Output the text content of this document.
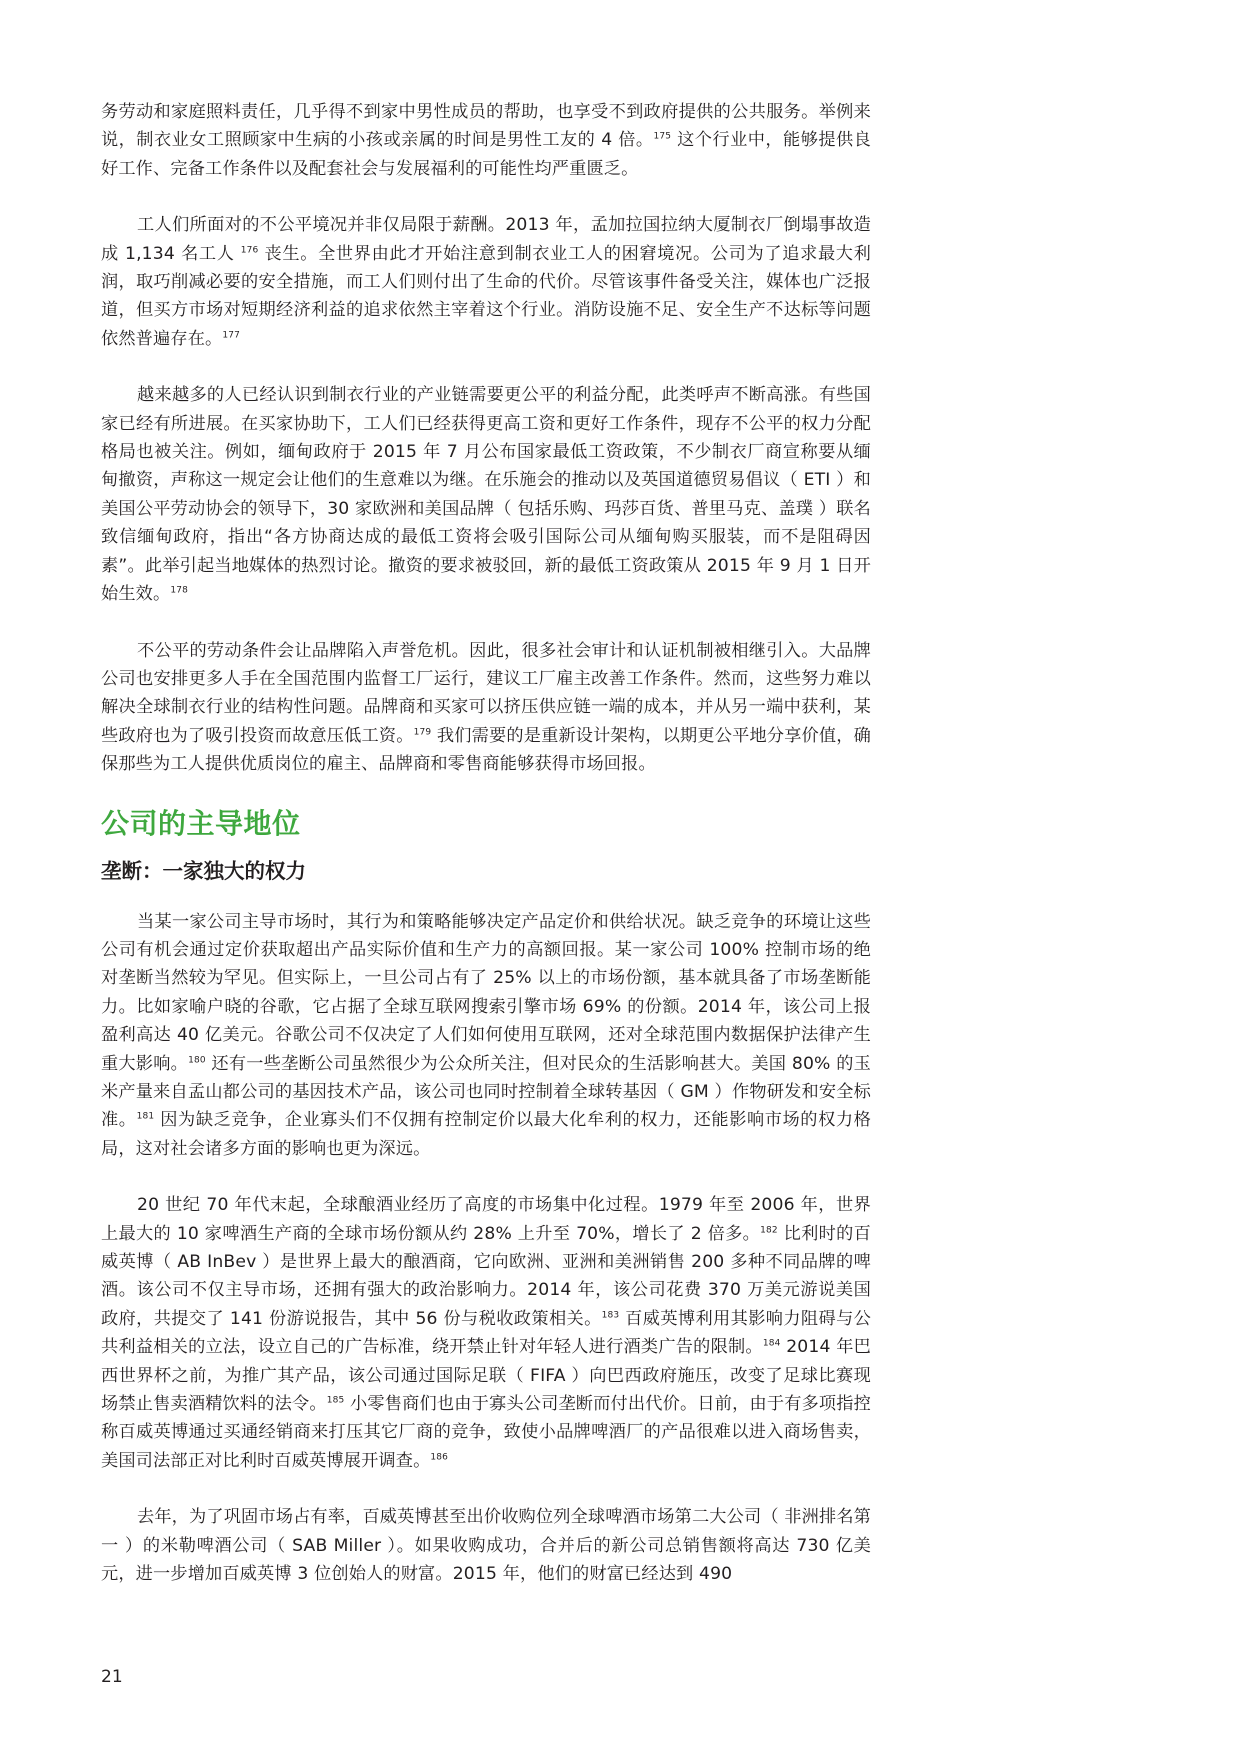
务劳动和家庭照料责任，几乎得不到家中男性成员的帮助，也享受不到政府提供的公共服务。举例来说，制衣业女工照顾家中生病的小孩或亲属的时间是男性工友的 4 倍。$^{175}$ 这个行业中，能够提供良好工作、完备工作条件以及配套社会与发展福利的可能性均严重匮乏。

工人们所面对的不公平境况并非仅局限于薪酬。2013 年，孟加拉国拉纳大厦制衣厂倒塌事故造成 1,134 名工人 $^{176}$ 丧生。全世界由此才开始注意到制衣业工人的困窘境况。公司为了追求最大利润，取巧削减必要的安全措施，而工人们则付出了生命的代价。尽管该事件备受关注，媒体也广泛报道，但买方市场对短期经济利益的追求依然主宰着这个行业。消防设施不足、安全生产不达标等问题依然普遍存在。$^{177}$

越来越多的人已经认识到制衣行业的产业链需要更公平的利益分配，此类呼声不断高涨。有些国家已经有所进展。在买家协助下，工人们已经获得更高工资和更好工作条件，现存不公平的权力分配格局也被关注。例如，缅甸政府于 2015 年 7 月公布国家最低工资政策，不少制衣厂商宣称要从缅甸撤资，声称这一规定会让他们的生意难以为继。在乐施会的推动以及英国道德贸易倡议（ ETI ）和美国公平劳动协会的领导下，30 家欧洲和美国品牌（ 包括乐购、玛莎百货、普里马克、盖璞 ）联名致信缅甸政府，指出“各方协商达成的最低工资将会吸引国际公司从缅甸购买服装，而不是阻碍因素”。此举引起当地媒体的热烈讨论。撤资的要求被驳回，新的最低工资政策从 2015 年 9 月 1 日开始生效。$^{178}$

不公平的劳动条件会让品牌陷入声誉危机。因此，很多社会审计和认证机制被相继引入。大品牌公司也安排更多人手在全国范围内监督工厂运行，建议工厂雇主改善工作条件。然而，这些努力难以解决全球制衣行业的结构性问题。品牌商和买家可以挤压供应链一端的成本，并从另一端中获利，某些政府也为了吸引投资而故意压低工资。$^{179}$ 我们需要的是重新设计架构，以期更公平地分享价值，确保那些为工人提供优质岗位的雇主、品牌商和零售商能够获得市场回报。

公司的主导地位
垄断：一家独大的权力

当某一家公司主导市场时，其行为和策略能够决定产品定价和供给状况。缺乏竞争的环境让这些公司有机会通过定价获取超出产品实际价值和生产力的高额回报。某一家公司 100% 控制市场的绝对垄断当然较为罕见。但实际上，一旦公司占有了 25% 以上的市场份额，基本就具备了市场垄断能力。比如家喻户晓的谷歌，它占据了全球互联网搜索引擎市场 69% 的份额。2014 年，该公司上报盈利高达 40 亿美元。谷歌公司不仅决定了人们如何使用互联网，还对全球范围内数据保护法律产生重大影响。$^{180}$ 还有一些垄断公司虽然很少为公众所关注，但对民众的生活影响甚大。美国 80% 的玉米产量来自孟山都公司的基因技术产品，该公司也同时控制着全球转基因（ GM ）作物研发和安全标准。$^{181}$ 因为缺乏竞争，企业寡头们不仅拥有控制定价以最大化牟利的权力，还能影响市场的权力格局，这对社会诸多方面的影响也更为深远。

20 世纪 70 年代末起，全球酿酒业经历了高度的市场集中化过程。1979 年至 2006 年，世界上最大的 10 家啤酒生产商的全球市场份额从约 28% 上升至 70%，增长了 2 倍多。$^{182}$ 比利时的百威英博（ AB InBev ）是世界上最大的酿酒商，它向欧洲、亚洲和美洲销售 200 多种不同品牌的啤酒。该公司不仅主导市场，还拥有强大的政治影响力。2014 年，该公司花费 370 万美元游说美国政府，共提交了 141 份游说报告，其中 56 份与税收政策相关。$^{183}$ 百威英博利用其影响力阻碍与公共利益相关的立法，设立自己的广告标准，绕开禁止针对年轻人进行酒类广告的限制。$^{184}$ 2014 年巴西世界杯之前，为推广其产品，该公司通过国际足联（ FIFA ）向巴西政府施压，改变了足球比赛现场禁止售卖酒精饮料的法令。$^{185}$ 小零售商们也由于寡头公司垄断而付出代价。日前，由于有多项指控称百威英博通过买通经销商来打压其它厂商的竞争，致使小品牌啤酒厂的产品很难以进入商场售卖，美国司法部正对比利时百威英博展开调查。$^{186}$

去年，为了巩固市场占有率，百威英博甚至出价收购位列全球啤酒市场第二大公司（ 非洲排名第一 ）的米勒啤酒公司（ SAB Miller ）。如果收购成功，合并后的新公司总销售额将高达 730 亿美元，进一步增加百威英博 3 位创始人的财富。2015 年，他们的财富已经达到 490

21
